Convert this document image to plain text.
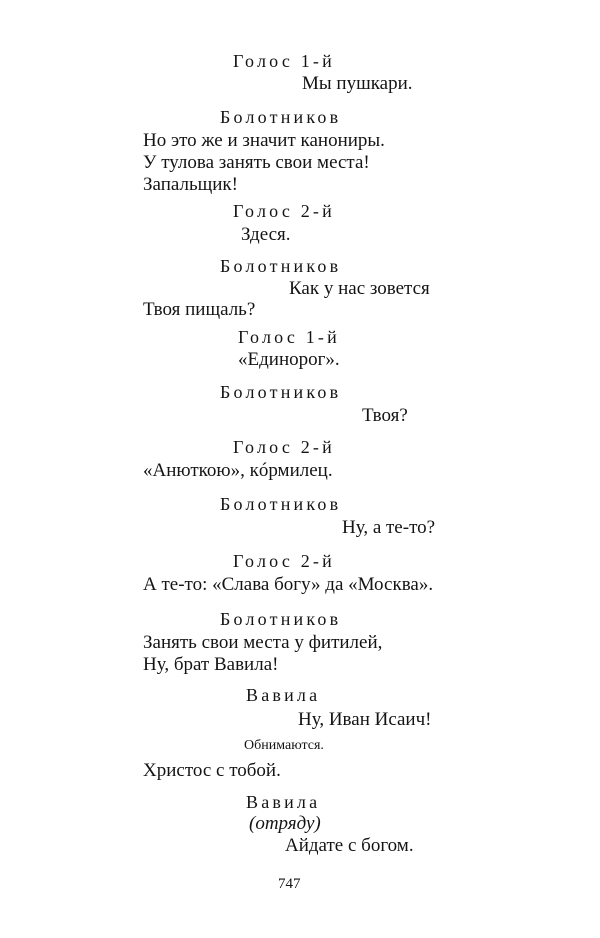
Голос 1-й
Мы пушкари.
Болотников
Но это же и значит канониры.
У тулова занять свои места!
Запальщик!
Голос 2-й
Здеся.
Болотников
Как у нас зовется
Твоя пищаль?
Голос 1-й
«Единорог».
Болотников
Твоя?
Голос 2-й
«Анюткою», кóрмилец.
Болотников
Ну, а те-то?
Голос 2-й
А те-то: «Слава богу» да «Москва».
Болотников
Занять свои места у фитилей,
Ну, брат Вавила!
Вавила
Ну, Иван Исаич!
Обнимаются.
Христос с тобой.
Вавила
(отряду)
Айдате с богом.
747
